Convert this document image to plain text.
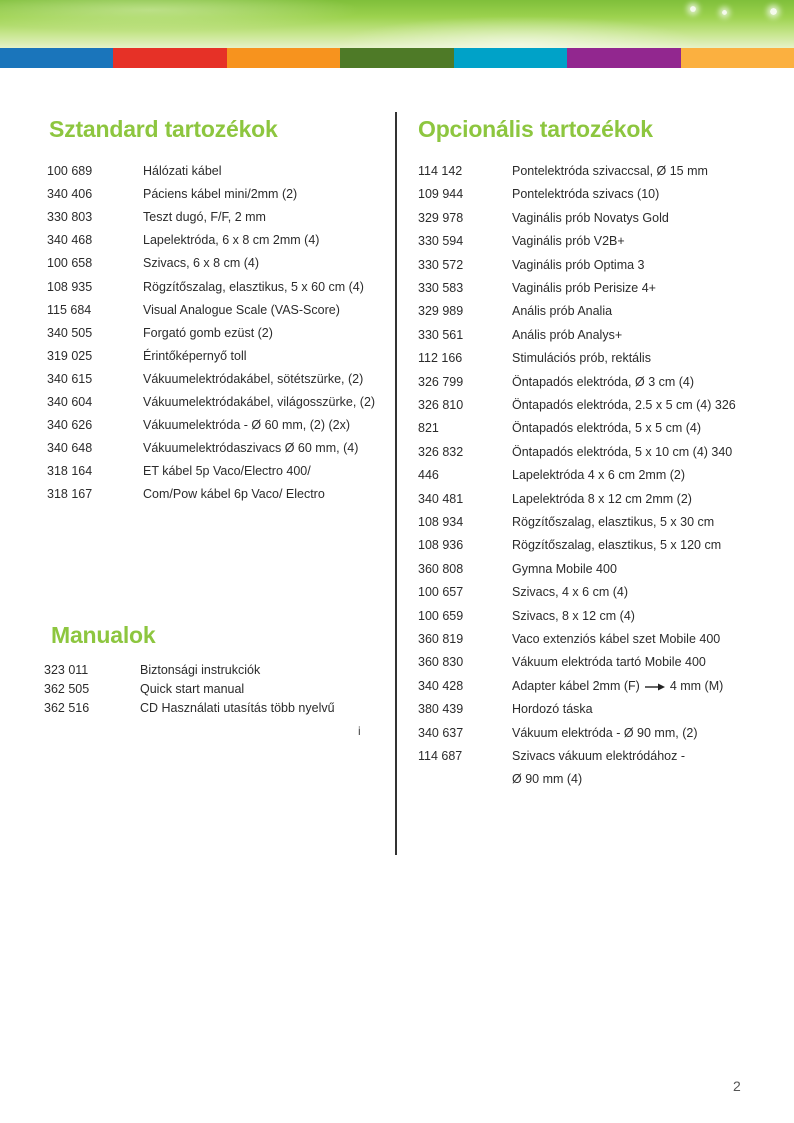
Sztandard tartozékok
100 689	Hálózati kábel
340 406	Páciens kábel mini/2mm (2)
330 803	Teszt dugó, F/F, 2 mm
340 468	Lapelektróda, 6 x 8 cm 2mm (4)
100 658	Szivacs, 6 x 8 cm (4)
108 935	Rögzítőszalag, elasztikus, 5 x 60 cm (4)
115 684	Visual Analogue Scale (VAS-Score)
340 505	Forgató gomb ezüst (2)
319 025	Érintőképernyő toll
340 615	Vákuumelektródakábel, sötétszürke, (2)
340 604	Vákuumelektródakábel, világosszürke, (2)
340 626	Vákuumelektróda - Ø 60 mm, (2) (2x)
340 648	Vákuumelektródaszivacs Ø 60 mm, (4)
318 164	ET kábel 5p Vaco/Electro 400/
318 167	Com/Pow kábel 6p Vaco/ Electro
Manualok
323 011	Biztonsági instrukciók
362 505	Quick start manual
362 516	CD Használati utasítás több nyelvű
i
Opcionális tartozékok
114 142	Pontelektróda szivaccsal, Ø 15 mm
109 944	Pontelektróda szivacs (10)
329 978	Vaginális prób Novatys Gold
330 594	Vaginális prób V2B+
330 572	Vaginális prób Optima 3
330 583	Vaginális prób Perisize 4+
329 989	Anális prób Analia
330 561	Anális prób Analys+
112 166	Stimulációs prób, rektális
326 799	Öntapadós elektróda, Ø 3 cm (4)
326 810	Öntapadós elektróda, 2.5 x 5 cm (4) 326
821	Öntapadós elektróda, 5 x 5 cm (4)
326 832	Öntapadós elektróda, 5 x 10 cm (4) 340
446	Lapelektróda 4 x 6 cm 2mm (2)
340 481	Lapelektróda 8 x 12 cm 2mm (2)
108 934	Rögzítőszalag, elasztikus, 5 x 30 cm
108 936	Rögzítőszalag, elasztikus, 5 x 120 cm
360 808	Gymna Mobile 400
100 657	Szivacs, 4 x 6 cm (4)
100 659	Szivacs, 8 x 12 cm (4)
360 819	Vaco extenziós kábel szet Mobile 400
360 830	Vákuum elektróda tartó Mobile 400
340 428	Adapter kábel 2mm (F) 4 mm (M)
380 439	Hordozó táska
340 637	Vákuum elektróda - Ø 90 mm, (2)
114 687	Szivacs vákuum elektródához -
Ø 90 mm (4)
2
